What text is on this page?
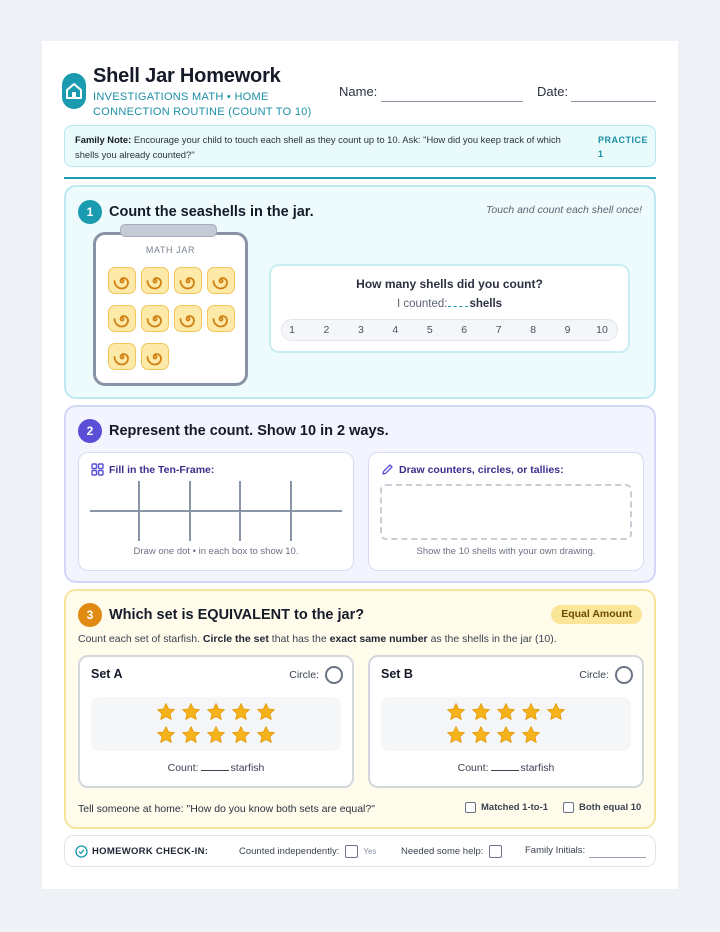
Shell Jar Homework
INVESTIGATIONS MATH • HOME CONNECTION ROUTINE (COUNT TO 10)
Name:	Date:
Family Note: Encourage your child to touch each shell as they count up to 10. Ask: "How did you keep track of which shells you already counted?"
PRACTICE
1
1	Count the seashells in the jar.	Touch and count each shell once!
MATH JAR
How many shells did you count?
I counted: shells
1	2	3	4	5	6	7	8	9	10
2	Represent the count. Show 10 in 2 ways.
Fill in the Ten-Frame:
Draw one dot • in each box to show 10.
Draw counters, circles, or tallies:
Show the 10 shells with your own drawing.
3	Which set is EQUIVALENT to the jar?	Equal Amount
Count each set of starfish. Circle the set that has the exact same number as the shells in the jar (10).
Set A	Circle:
Count:	starfish
Set B	Circle:
Count:	starfish
Tell someone at home: "How do you know both sets are equal?"	Matched 1-to-1	Both equal 10
HOMEWORK CHECK-IN:	Counted independently:	Yes	Needed some help:	Family Initials:
